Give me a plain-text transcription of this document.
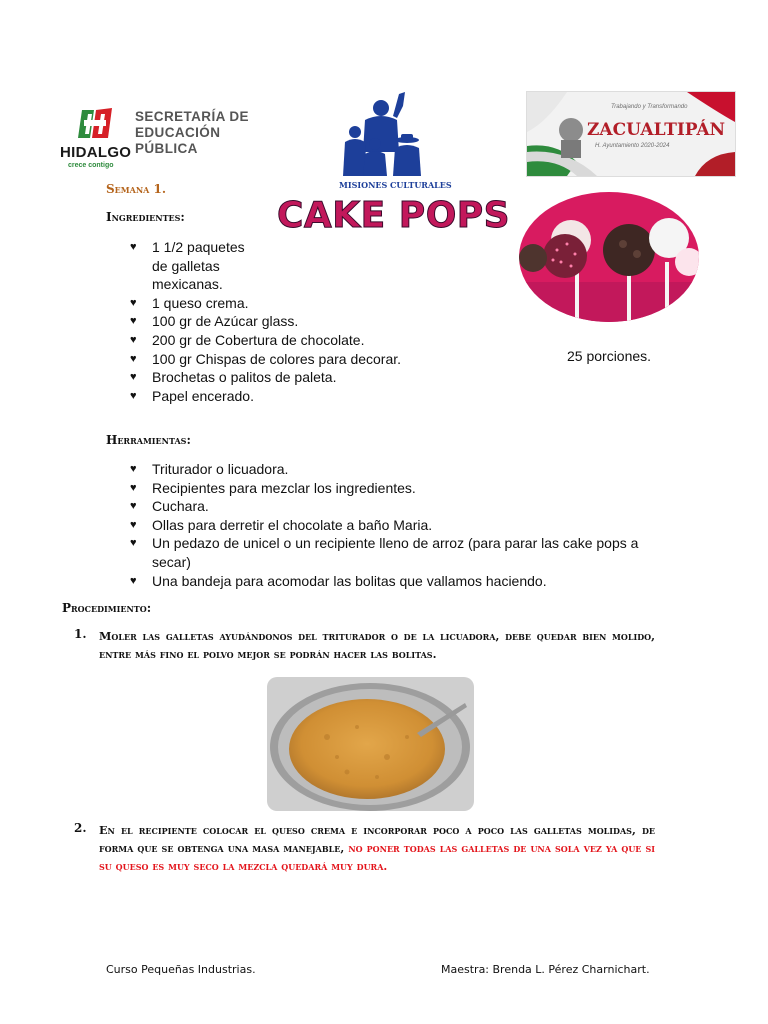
HIDALGO
crece contigo
SECRETARÍA DE
EDUCACIÓN
PÚBLICA
MISIONES CULTURALES
Trabajando y Transformando
ZACUALTIPÁN
H. Ayuntamiento 2020-2024
CAKE POPS
Semana 1.
Ingredientes:
♥ 1 1/2 paquetes de galletas mexicanas.
♥ 1 queso crema.
♥ 100 gr de Azúcar glass.
♥ 200 gr de Cobertura de chocolate.
♥ 100 gr Chispas de colores para decorar.
♥ Brochetas o palitos de paleta.
♥ Papel encerado.
25 porciones.
Herramientas:
♥ Triturador o licuadora.
♥ Recipientes para mezclar los ingredientes.
♥ Cuchara.
♥ Ollas para derretir el chocolate a baño Maria.
♥ Un pedazo de unicel o un recipiente lleno de arroz (para parar las cake pops a secar)
♥ Una bandeja para acomodar las bolitas que vallamos haciendo.
Procedimiento:
1. Moler las galletas ayudándonos del triturador o de la licuadora, debe quedar bien molido, entre más fino el polvo mejor se podrán hacer las bolitas.
2. En el recipiente colocar el queso crema e incorporar poco a poco las galletas molidas, de forma que se obtenga una masa manejable, no poner todas las galletas de una sola vez ya que si su queso es muy seco la mezcla quedará muy dura.
Curso Pequeñas Industrias.	Maestra: Brenda L. Pérez Charnichart.
